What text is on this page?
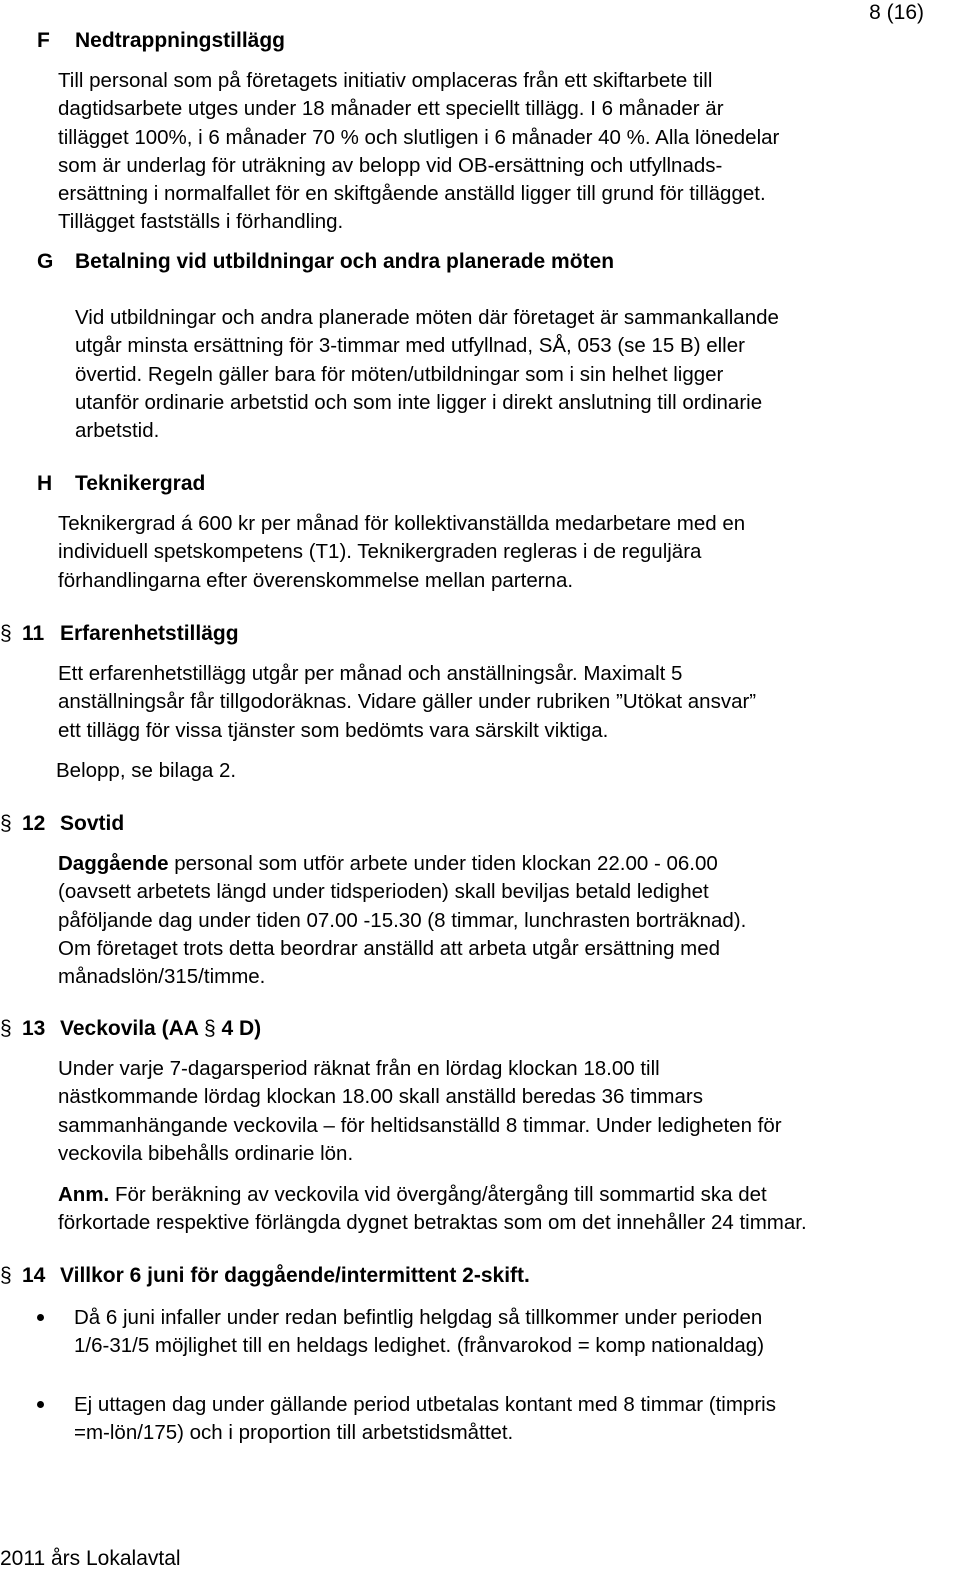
8 (16)
F Nedtrappningstillägg

Till personal som på företagets initiativ omplaceras från ett skiftarbete till

dagtidsarbete utges under 18 månader ett speciellt tillägg. I 6 månader är

tillägget 100%, i 6 månader 70 % och slutligen i 6 månader 40 %. Alla lönedelar

som är underlag för uträkning av belopp vid OB-ersättning och utfyllnads-

ersättning i normalfallet för en skiftgående anställd ligger till grund för tillägget.

Tillägget fastställs i förhandling.

G Betalning vid utbildningar och andra planerade möten

Vid utbildningar och andra planerade möten där företaget är sammankallande

utgår minsta ersättning för 3-timmar med utfyllnad, SÅ, 053 (se 15 B) eller

övertid. Regeln gäller bara för möten/utbildningar som i sin helhet ligger

utanför ordinarie arbetstid och som inte ligger i direkt anslutning till ordinarie

arbetstid.

H Teknikergrad

Teknikergrad á 600 kr per månad för kollektivanställda medarbetare med en

individuell spetskompetens (T1). Teknikergraden regleras i de reguljära

förhandlingarna efter överenskommelse mellan parterna.

§ 11 Erfarenhetstillägg

Ett erfarenhetstillägg utgår per månad och anställningsår. Maximalt 5

anställningsår får tillgodoräknas. Vidare gäller under rubriken ”Utökat ansvar”

ett tillägg för vissa tjänster som bedömts vara särskilt viktiga.

Belopp, se bilaga 2.
§ 12 Sovtid

Daggående personal som utför arbete under tiden klockan 22.00 - 06.00

(oavsett arbetets längd under tidsperioden) skall beviljas betald ledighet

påföljande dag under tiden 07.00 -15.30 (8 timmar, lunchrasten borträknad).

Om företaget trots detta beordrar anställd att arbeta utgår ersättning med

månadslön/315/timme.

§ 13 Veckovila (AA § 4 D)

Under varje 7-dagarsperiod räknat från en lördag klockan 18.00 till

nästkommande lördag klockan 18.00 skall anställd beredas 36 timmars

sammanhängande veckovila – för heltidsanställd 8 timmar. Under ledigheten för

veckovila bibehålls ordinarie lön.

Anm. För beräkning av veckovila vid övergång/återgång till sommartid ska det

förkortade respektive förlängda dygnet betraktas som om det innehåller 24 timmar.

§ 14 Villkor 6 juni för daggående/intermittent 2-skift.
Då 6 juni infaller under redan befintlig helgdag så tillkommer under perioden
1/6-31/5 möjlighet till en heldags ledighet. (frånvarokod = komp nationaldag)
Ej uttagen dag under gällande period utbetalas kontant med 8 timmar (timpris
=m-lön/175) och i proportion till arbetstidsmåttet.
2011 års Lokalavtal
